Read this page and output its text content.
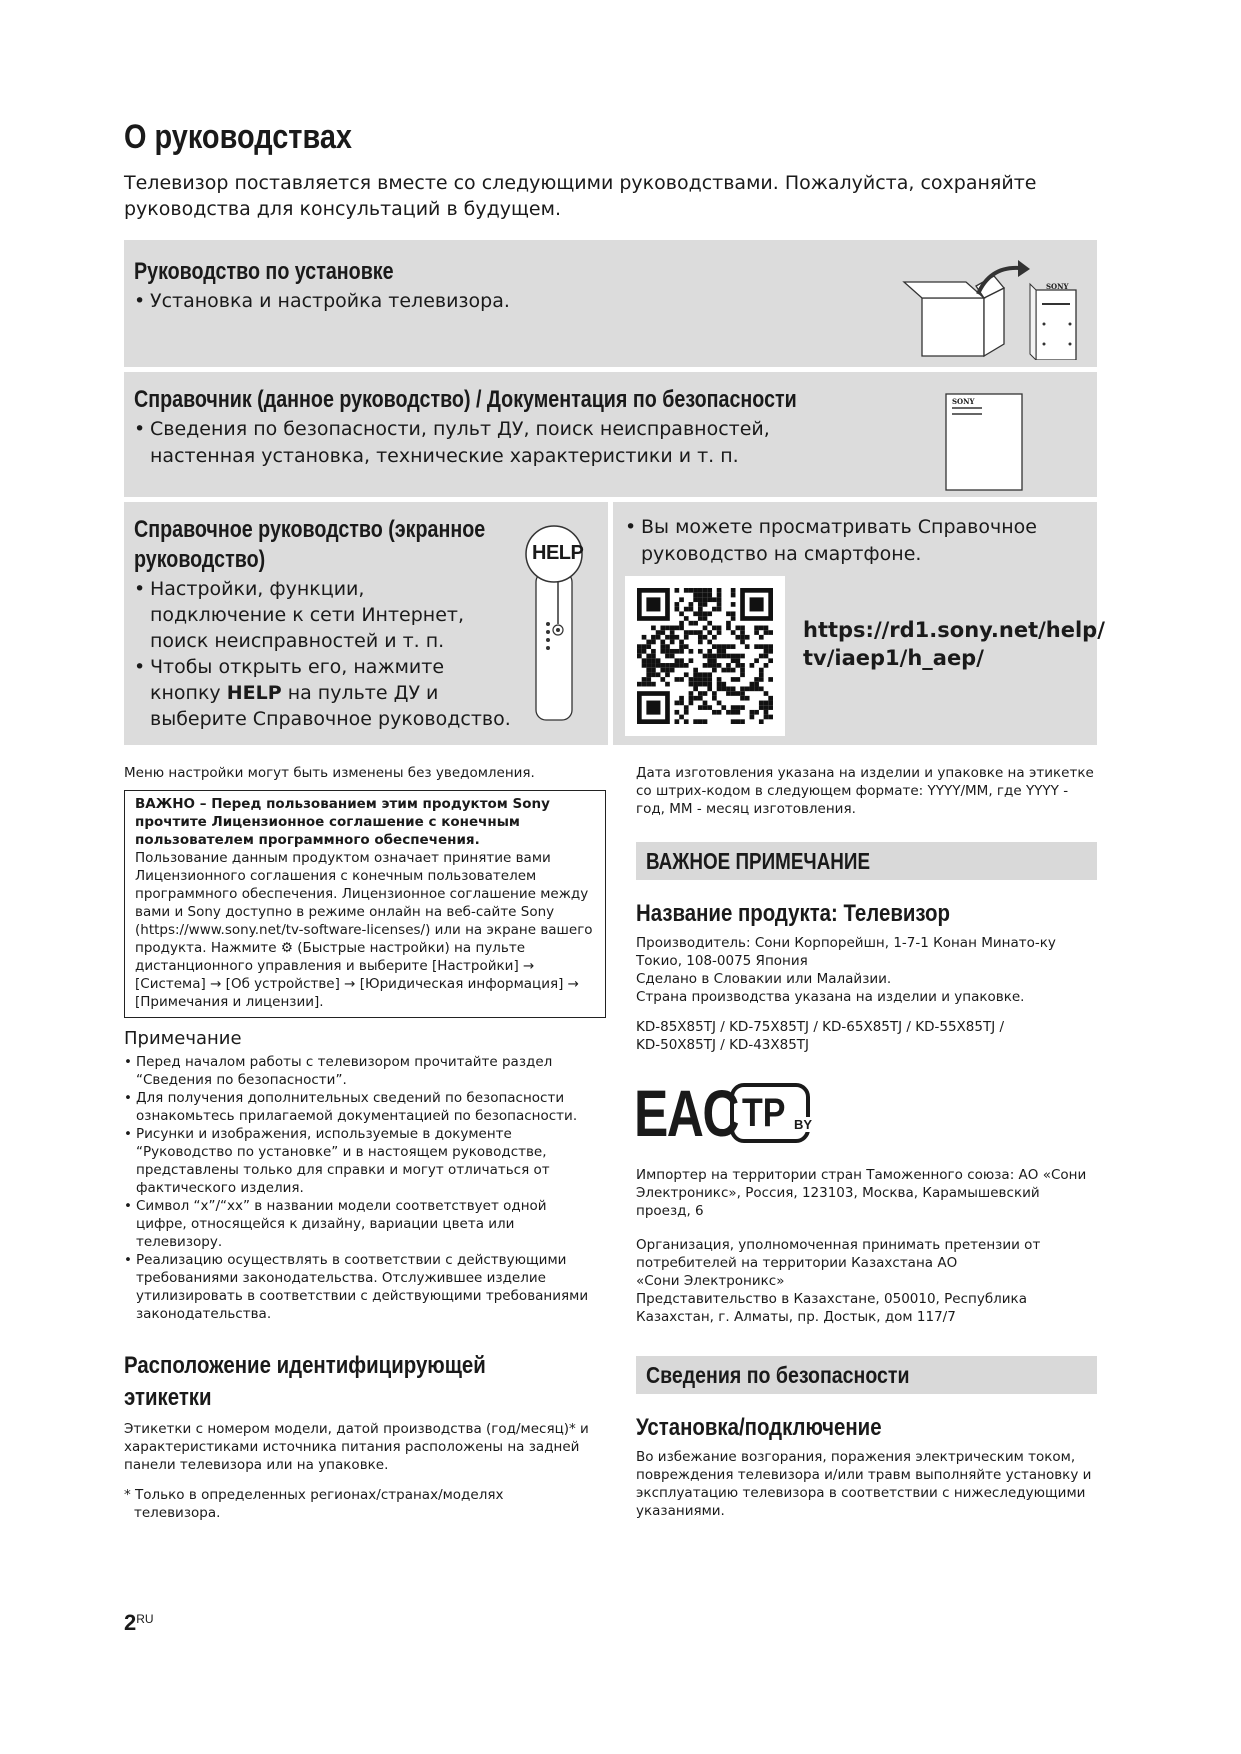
О руководствах
Телевизор поставляется вместе со следующими руководствами. Пожалуйста, сохраняйте руководства для консультаций в будущем.
Руководство по установке
• Установка и настройка телевизора.
SONY
Справочник (данное руководство) / Документация по безопасности
• Сведения по безопасности, пульт ДУ, поиск неисправностей, настенная установка, технические характеристики и т. п.
SONY
Справочное руководство (экранное
руководство)
• Настройки, функции, подключение к сети Интернет, поиск неисправностей и т. п.
• Чтобы открыть его, нажмите кнопку HELP на пульте ДУ и выберите Справочное руководство.
HELP
• Вы можете просматривать Справочное руководство на смартфоне.
https://rd1.sony.net/help/
tv/iaep1/h_aep/
Меню настройки могут быть изменены без уведомления.
ВАЖНО – Перед пользованием этим продуктом Sony прочтите Лицензионное соглашение с конечным пользователем программного обеспечения.
Пользование данным продуктом означает принятие вами Лицензионного соглашения с конечным пользователем программного обеспечения. Лицензионное соглашение между вами и Sony доступно в режиме онлайн на веб-сайте Sony (https://www.sony.net/tv-software-licenses/) или на экране вашего продукта. Нажмите ⚙ (Быстрые настройки) на пульте дистанционного управления и выберите [Настройки] → [Система] → [Об устройстве] → [Юридическая информация] → [Примечания и лицензии].
Примечание
• Перед началом работы с телевизором прочитайте раздел “Сведения по безопасности”.
• Для получения дополнительных сведений по безопасности ознакомьтесь прилагаемой документацией по безопасности.
• Рисунки и изображения, используемые в документе “Руководство по установке” и в настоящем руководстве, представлены только для справки и могут отличаться от фактического изделия.
• Символ “x”/“xx” в названии модели соответствует одной цифре, относящейся к дизайну, вариации цвета или телевизору.
• Реализацию осуществлять в соответствии с действующими требованиями законодательства. Отслужившее изделие утилизировать в соответствии с действующими требованиями законодательства.
Расположение идентифицирующей
этикетки
Этикетки с номером модели, датой производства (год/месяц)* и характеристиками источника питания расположены на задней панели телевизора или на упаковке.
* Только в определенных регионах/странах/моделях телевизора.
Дата изготовления указана на изделии и упаковке на этикетке со штрих-кодом в следующем формате: YYYY/MM, где YYYY - год, MM - месяц изготовления.
ВАЖНОЕ ПРИМЕЧАНИЕ
Название продукта: Телевизор
Производитель: Сони Корпорейшн, 1-7-1 Конан Минато-ку
Токио, 108-0075 Япония
Сделано в Словакии или Малайзии.
Страна производства указана на изделии и упаковке.
KD-85X85TJ / KD-75X85TJ / KD-65X85TJ / KD-55X85TJ /
KD-50X85TJ / KD-43X85TJ
EAC TP BY
Импортер на территории стран Таможенного союза: АО «Сони Электроникс», Россия, 123103, Москва, Карамышевский проезд, 6
Организация, уполномоченная принимать претензии от потребителей на территории Казахстана АО
«Сони Электроникс»
Представительство в Казахстане, 050010, Республика Казахстан, г. Алматы, пр. Достык, дом 117/7
Сведения по безопасности
Установка/подключение
Во избежание возгорания, поражения электрическим током, повреждения телевизора и/или травм выполняйте установку и эксплуатацию телевизора в соответствии с нижеследующими указаниями.
$2^{RU}$
